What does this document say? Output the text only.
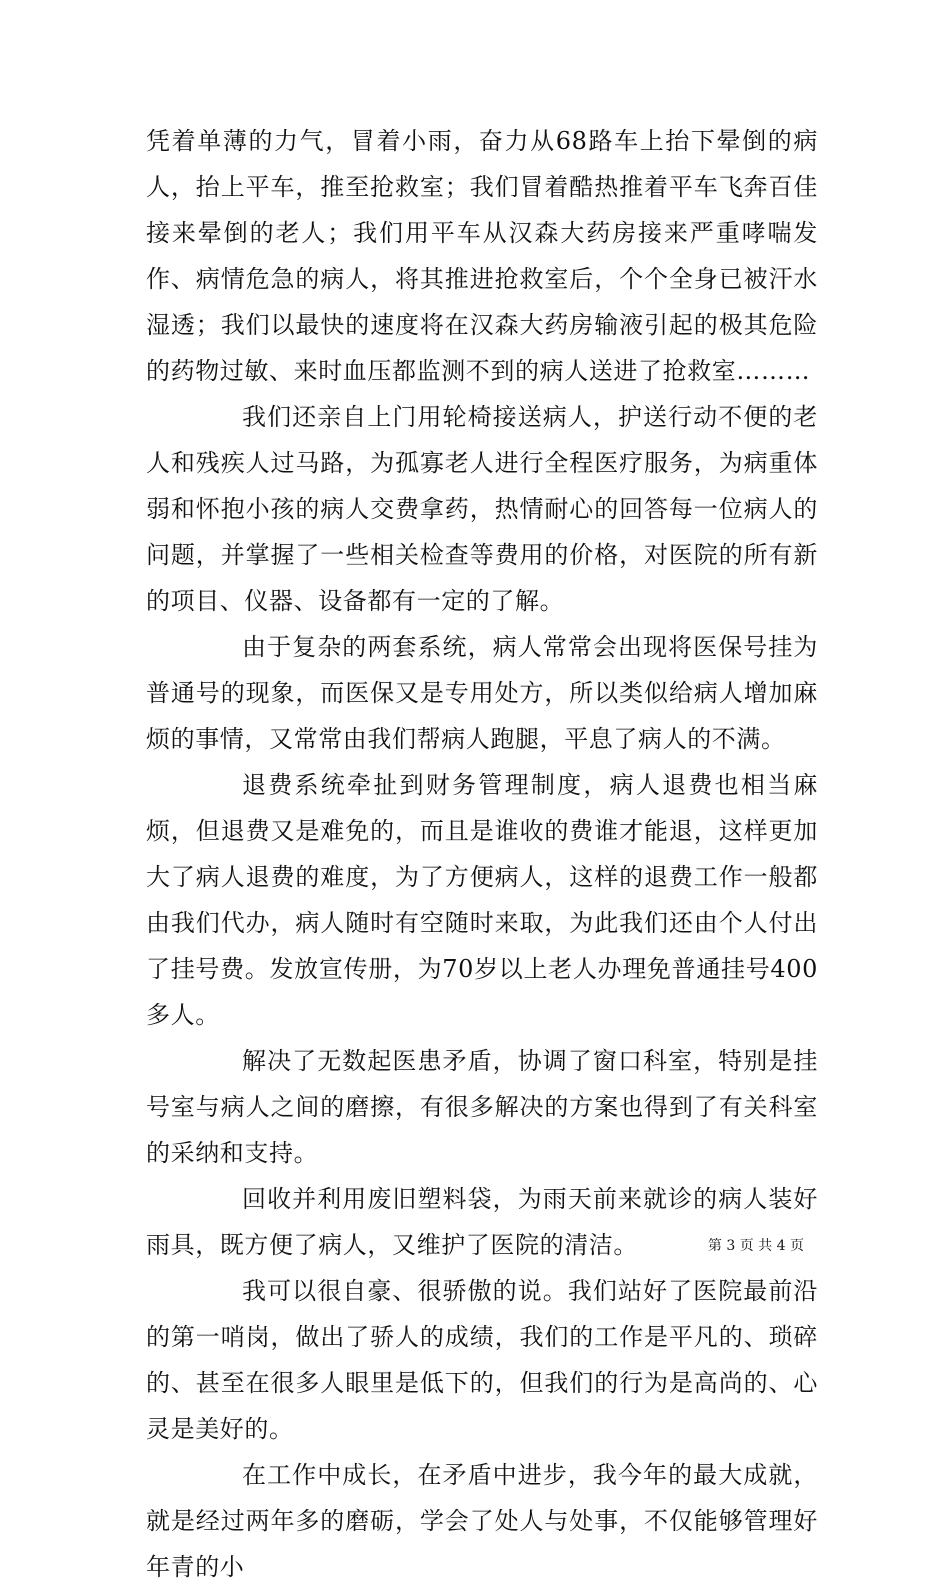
凭着单薄的力气，冒着小雨，奋力从68路车上抬下晕倒的病人，抬上平车，推至抢救室；我们冒着酷热推着平车飞奔百佳接来晕倒的老人；我们用平车从汉森大药房接来严重哮喘发作、病情危急的病人，将其推进抢救室后，个个全身已被汗水湿透；我们以最快的速度将在汉森大药房输液引起的极其危险的药物过敏、来时血压都监测不到的病人送进了抢救室………

我们还亲自上门用轮椅接送病人，护送行动不便的老人和残疾人过马路，为孤寡老人进行全程医疗服务，为病重体弱和怀抱小孩的病人交费拿药，热情耐心的回答每一位病人的问题，并掌握了一些相关检查等费用的价格，对医院的所有新的项目、仪器、设备都有一定的了解。

由于复杂的两套系统，病人常常会出现将医保号挂为普通号的现象，而医保又是专用处方，所以类似给病人增加麻烦的事情，又常常由我们帮病人跑腿，平息了病人的不满。

退费系统牵扯到财务管理制度，病人退费也相当麻烦，但退费又是难免的，而且是谁收的费谁才能退，这样更加大了病人退费的难度，为了方便病人，这样的退费工作一般都由我们代办，病人随时有空随时来取，为此我们还由个人付出了挂号费。发放宣传册，为70岁以上老人办理免普通挂号400多人。

解决了无数起医患矛盾，协调了窗口科室，特别是挂号室与病人之间的磨擦，有很多解决的方案也得到了有关科室的采纳和支持。

回收并利用废旧塑料袋，为雨天前来就诊的病人装好雨具，既方便了病人，又维护了医院的清洁。

我可以很自豪、很骄傲的说。我们站好了医院最前沿的第一哨岗，做出了骄人的成绩，我们的工作是平凡的、琐碎的、甚至在很多人眼里是低下的，但我们的行为是高尚的、心灵是美好的。

在工作中成长，在矛盾中进步，我今年的最大成就，就是经过两年多的磨砺，学会了处人与处事，不仅能够管理好年青的小

第 3 页 共 4 页
